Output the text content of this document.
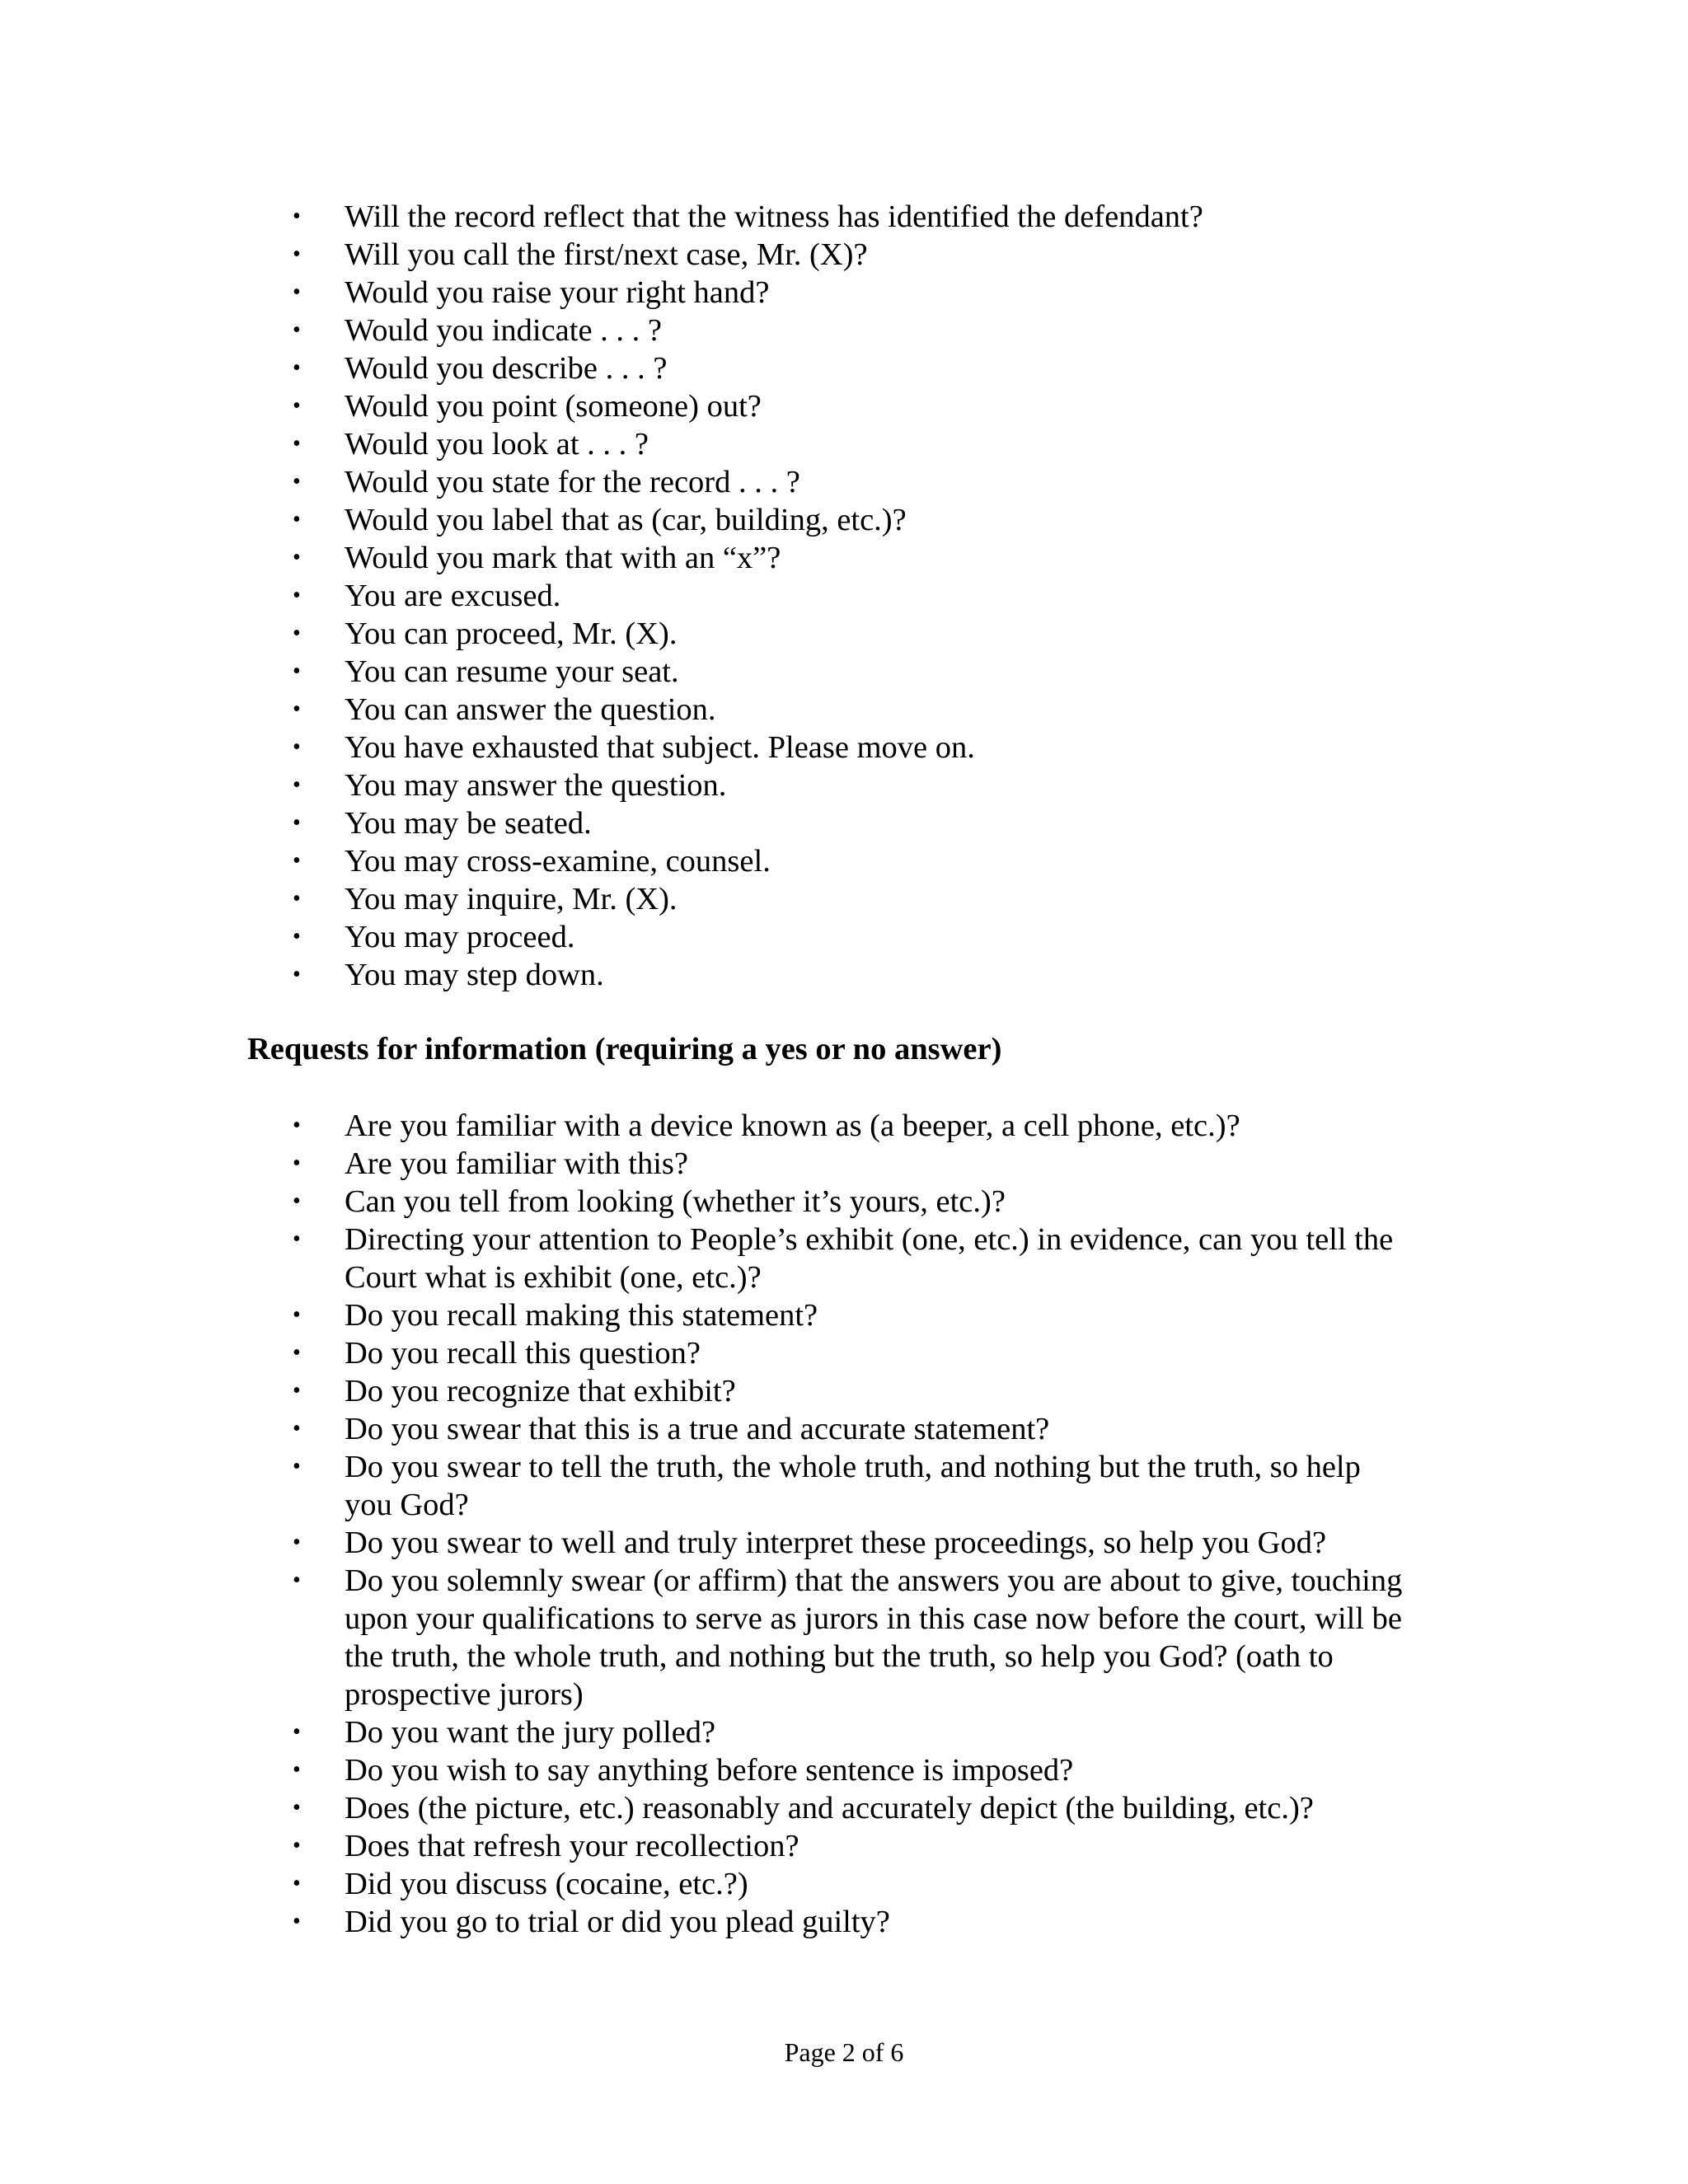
• Will the record reflect that the witness has identified the defendant?
• Will you call the first/next case, Mr. (X)?
• Would you raise your right hand?
• Would you indicate . . . ?
• Would you describe . . . ?
• Would you point (someone) out?
• Would you look at . . . ?
• Would you state for the record . . . ?
• Would you label that as (car, building, etc.)?
• Would you mark that with an “x”?
• You are excused.
• You can proceed, Mr. (X).
• You can resume your seat.
• You can answer the question.
• You have exhausted that subject. Please move on.
• You may answer the question.
• You may be seated.
• You may cross-examine, counsel.
• You may inquire, Mr. (X).
• You may proceed.
• You may step down.
Requests for information (requiring a yes or no answer)
• Are you familiar with a device known as (a beeper, a cell phone, etc.)?
• Are you familiar with this?
• Can you tell from looking (whether it’s yours, etc.)?
• Directing your attention to People’s exhibit (one, etc.) in evidence, can you tell the Court what is exhibit (one, etc.)?
• Do you recall making this statement?
• Do you recall this question?
• Do you recognize that exhibit?
• Do you swear that this is a true and accurate statement?
• Do you swear to tell the truth, the whole truth, and nothing but the truth, so help you God?
• Do you swear to well and truly interpret these proceedings, so help you God?
• Do you solemnly swear (or affirm) that the answers you are about to give, touching upon your qualifications to serve as jurors in this case now before the court, will be the truth, the whole truth, and nothing but the truth, so help you God? (oath to prospective jurors)
• Do you want the jury polled?
• Do you wish to say anything before sentence is imposed?
• Does (the picture, etc.) reasonably and accurately depict (the building, etc.)?
• Does that refresh your recollection?
• Did you discuss (cocaine, etc.?)
• Did you go to trial or did you plead guilty?
Page 2 of 6
